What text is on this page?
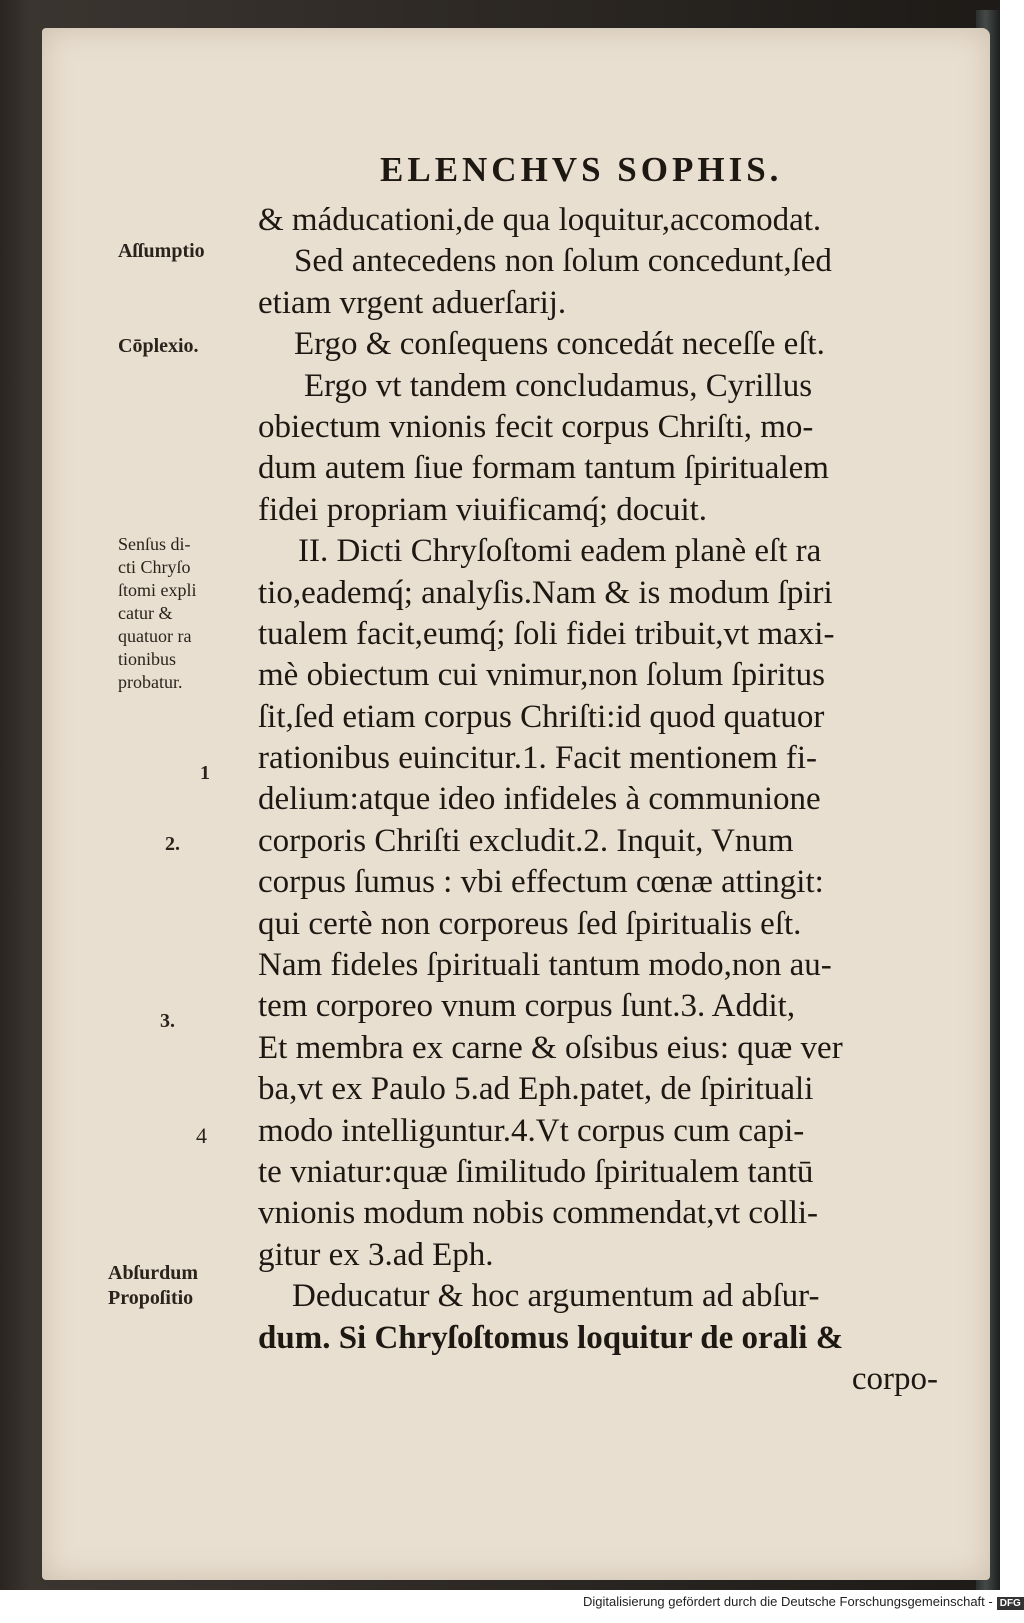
ELENCHVS SOPHIS.
& máducationi,de qua loquitur,accomodat.
Sed antecedens non ſolum concedunt,ſed
etiam vrgent aduerſarij.
Ergo & conſequens concedát neceſſe eſt.
Ergo vt tandem concludamus, Cyrillus
obiectum vnionis fecit corpus Chriſti, mo-
dum autem ſiue formam tantum ſpiritualem
fidei propriam viuificamq́; docuit.
II. Dicti Chryſoſtomi eadem planè eſt ra
tio,eademq́; analyſis.Nam & is modum ſpiri
tualem facit,eumq́; ſoli fidei tribuit,vt maxi-
mè obiectum cui vnimur,non ſolum ſpiritus
ſit,ſed etiam corpus Chriſti:id quod quatuor
rationibus euincitur.1. Facit mentionem fi-
delium:atque ideo infideles à communione
corporis Chriſti excludit.2. Inquit, Vnum
corpus ſumus : vbi effectum cœnæ attingit:
qui certè non corporeus ſed ſpiritualis eſt.
Nam fideles ſpirituali tantum modo,non au-
tem corporeo vnum corpus ſunt.3. Addit,
Et membra ex carne & oſsibus eius: quæ ver
ba,vt ex Paulo 5.ad Eph.patet, de ſpirituali
modo intelliguntur.4.Vt corpus cum capi-
te vniatur:quæ ſimilitudo ſpiritualem tantū
vnionis modum nobis commendat,vt colli-
gitur ex 3.ad Eph.
Deducatur & hoc argumentum ad abſur-
dum. Si Chryſoſtomus loquitur de orali &
corpo-
Aſſumptio
Cōplexio.
Senſus di-
cti Chryſo
ſtomi expli
catur &
quatuor ra
tionibus
probatur.
1
2.
3.
4
Abſurdum
Propoſitio
Digitalisierung gefördert durch die Deutsche Forschungsgemeinschaft - DFG
